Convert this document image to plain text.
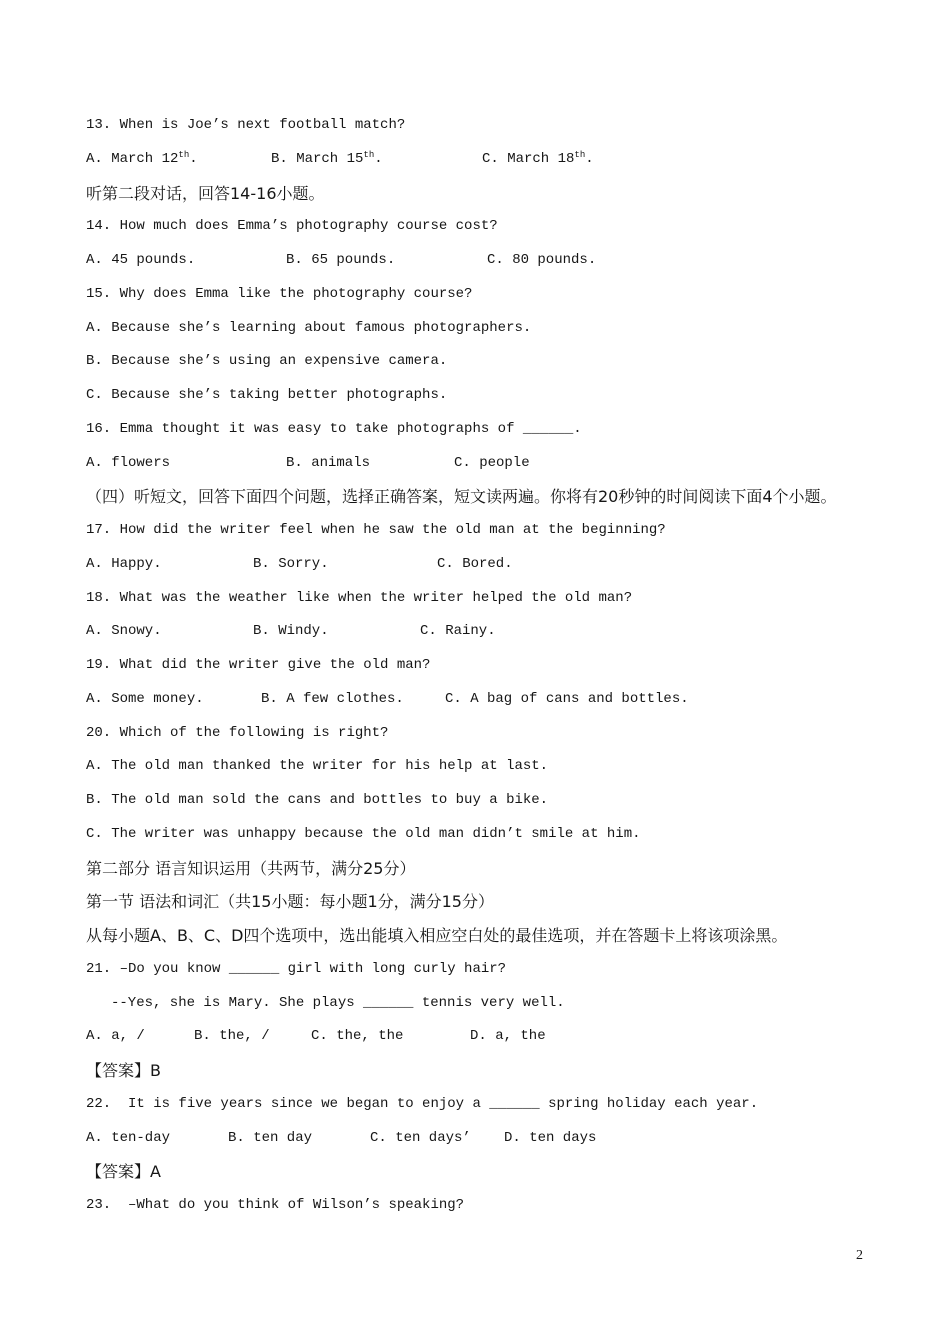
13. When is Joe’s next football match?
A. March 12th.	B. March 15th.	C. March 18th.
听第二段对话，回答14-16小题。
14. How much does Emma’s photography course cost?
A. 45 pounds.	B. 65 pounds.	C. 80 pounds.
15. Why does Emma like the photography course?
A. Because she’s learning about famous photographers.
B. Because she’s using an expensive camera.
C. Because she’s taking better photographs.
16. Emma thought it was easy to take photographs of ______.
A. flowers	B. animals	C. people
（四）听短文，回答下面四个问题，选择正确答案，短文读两遍。你将有20秒钟的时间阅读下面4个小题。
17. How did the writer feel when he saw the old man at the beginning?
A. Happy.	B. Sorry.	C. Bored.
18. What was the weather like when the writer helped the old man?
A. Snowy.	B. Windy.	C. Rainy.
19. What did the writer give the old man?
A. Some money.	B. A few clothes.	C. A bag of cans and bottles.
20. Which of the following is right?
A. The old man thanked the writer for his help at last.
B. The old man sold the cans and bottles to buy a bike.
C. The writer was unhappy because the old man didn’t smile at him.
第二部分 语言知识运用（共两节，满分25分）
第一节 语法和词汇（共15小题：每小题1分，满分15分）
从每小题A、B、C、D四个选项中，选出能填入相应空白处的最佳选项，并在答题卡上将该项涂黑。
21. –Do you know ______ girl with long curly hair?
--Yes, she is Mary. She plays ______ tennis very well.
A. a, /	B. the, /	C. the, the	D. a, the
【答案】B
22.  It is five years since we began to enjoy a ______ spring holiday each year.
A. ten-day	B. ten day	C. ten days’ D. ten days
【答案】A
23.  –What do you think of Wilson’s speaking?
2
